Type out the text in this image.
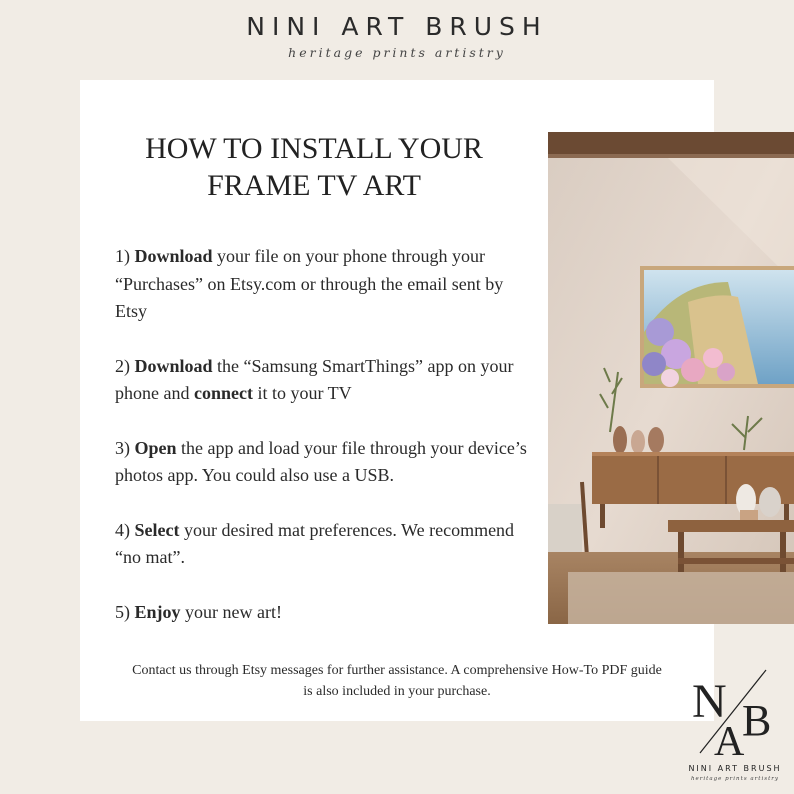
NINI ART BRUSH
heritage prints artistry
HOW TO INSTALL YOUR
FRAME TV ART

1) Download your file on your phone through your “Purchases” on Etsy.com or through the email sent by Etsy

2) Download the “Samsung SmartThings” app on your phone and connect it to your TV

3) Open the app and load your file through your device’s photos app. You could also use a USB.

4) Select your desired mat preferences. We recommend “no mat”.

5) Enjoy your new art!

Contact us through Etsy messages for further assistance. A comprehensive How-To PDF guide is also included in your purchase.	N
A
B
NINI ART BRUSH
heritage prints artistry
